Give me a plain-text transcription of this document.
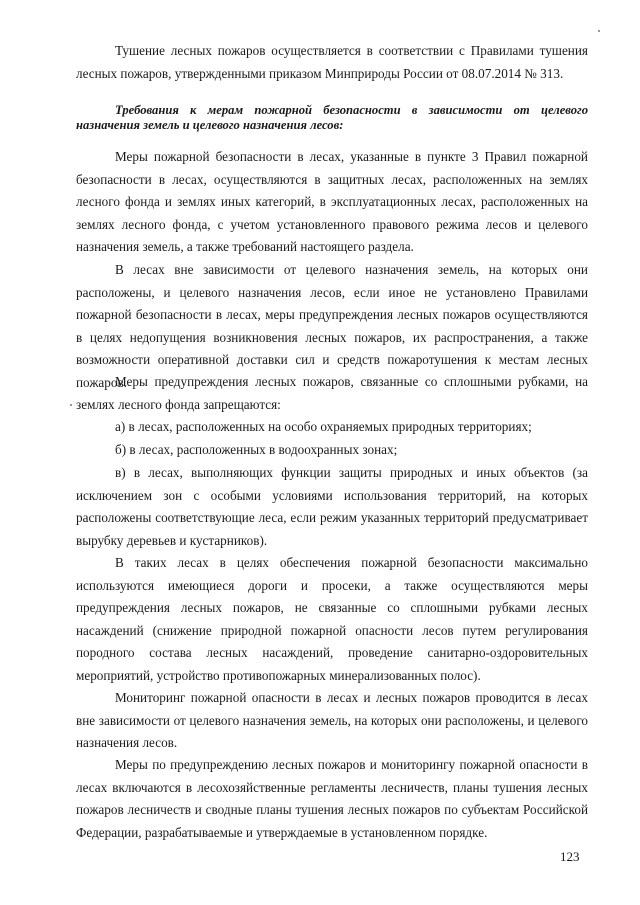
Тушение лесных пожаров осуществляется в соответствии с Правилами тушения лесных пожаров, утвержденными приказом Минприроды России от 08.07.2014 № 313.

Требования к мерам пожарной безопасности в зависимости от целевого назначения земель и целевого назначения лесов:

Меры пожарной безопасности в лесах, указанные в пункте 3 Правил пожарной безопасности в лесах, осуществляются в защитных лесах, расположенных на землях лесного фонда и землях иных категорий, в эксплуатационных лесах, расположенных на землях лесного фонда, с учетом установленного правового режима лесов и целевого назначения земель, а также требований настоящего раздела.

В лесах вне зависимости от целевого назначения земель, на которых они расположены, и целевого назначения лесов, если иное не установлено Правилами пожарной безопасности в лесах, меры предупреждения лесных пожаров осуществляются в целях недопущения возникновения лесных пожаров, их распространения, а также возможности оперативной доставки сил и средств пожаротушения к местам лесных пожаров.

Меры предупреждения лесных пожаров, связанные со сплошными рубками, на землях лесного фонда запрещаются:

а) в лесах, расположенных на особо охраняемых природных территориях;

б) в лесах, расположенных в водоохранных зонах;

в) в лесах, выполняющих функции защиты природных и иных объектов (за исключением зон с особыми условиями использования территорий, на которых расположены соответствующие леса, если режим указанных территорий предусматривает вырубку деревьев и кустарников).

В таких лесах в целях обеспечения пожарной безопасности максимально используются имеющиеся дороги и просеки, а также осуществляются меры предупреждения лесных пожаров, не связанные со сплошными рубками лесных насаждений (снижение природной пожарной опасности лесов путем регулирования породного состава лесных насаждений, проведение санитарно-оздоровительных мероприятий, устройство противопожарных минерализованных полос).

Мониторинг пожарной опасности в лесах и лесных пожаров проводится в лесах вне зависимости от целевого назначения земель, на которых они расположены, и целевого назначения лесов.

Меры по предупреждению лесных пожаров и мониторингу пожарной опасности в лесах включаются в лесохозяйственные регламенты лесничеств, планы тушения лесных пожаров лесничеств и сводные планы тушения лесных пожаров по субъектам Российской Федерации, разрабатываемые и утверждаемые в установленном порядке.

123
